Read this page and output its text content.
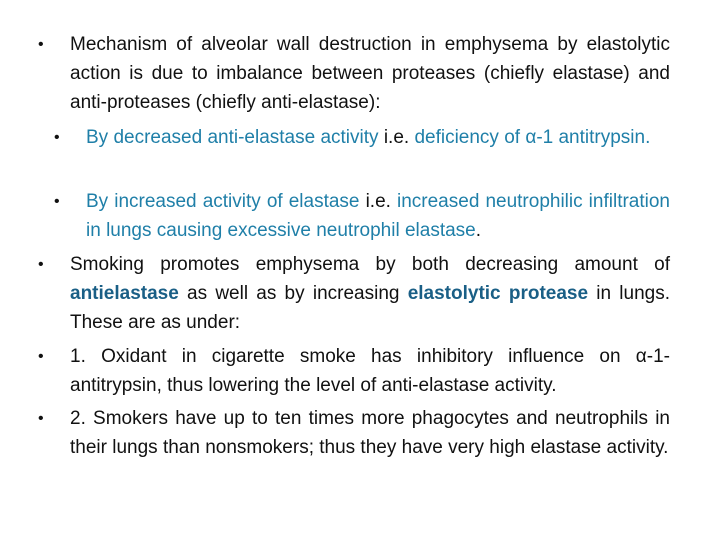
• Mechanism of alveolar wall destruction in emphysema by elastolytic action is due to imbalance between proteases (chiefly elastase) and anti-proteases (chiefly anti-elastase):
• By decreased anti-elastase activity i.e. deficiency of α-1 antitrypsin.
• By increased activity of elastase i.e. increased neutrophilic infiltration in lungs causing excessive neutrophil elastase.
• Smoking promotes emphysema by both decreasing amount of antielastase as well as by increasing elastolytic protease in lungs. These are as under:
• 1. Oxidant in cigarette smoke has inhibitory influence on α-1-antitrypsin, thus lowering the level of anti-elastase activity.
• 2. Smokers have up to ten times more phagocytes and neutrophils in their lungs than nonsmokers; thus they have very high elastase activity.
